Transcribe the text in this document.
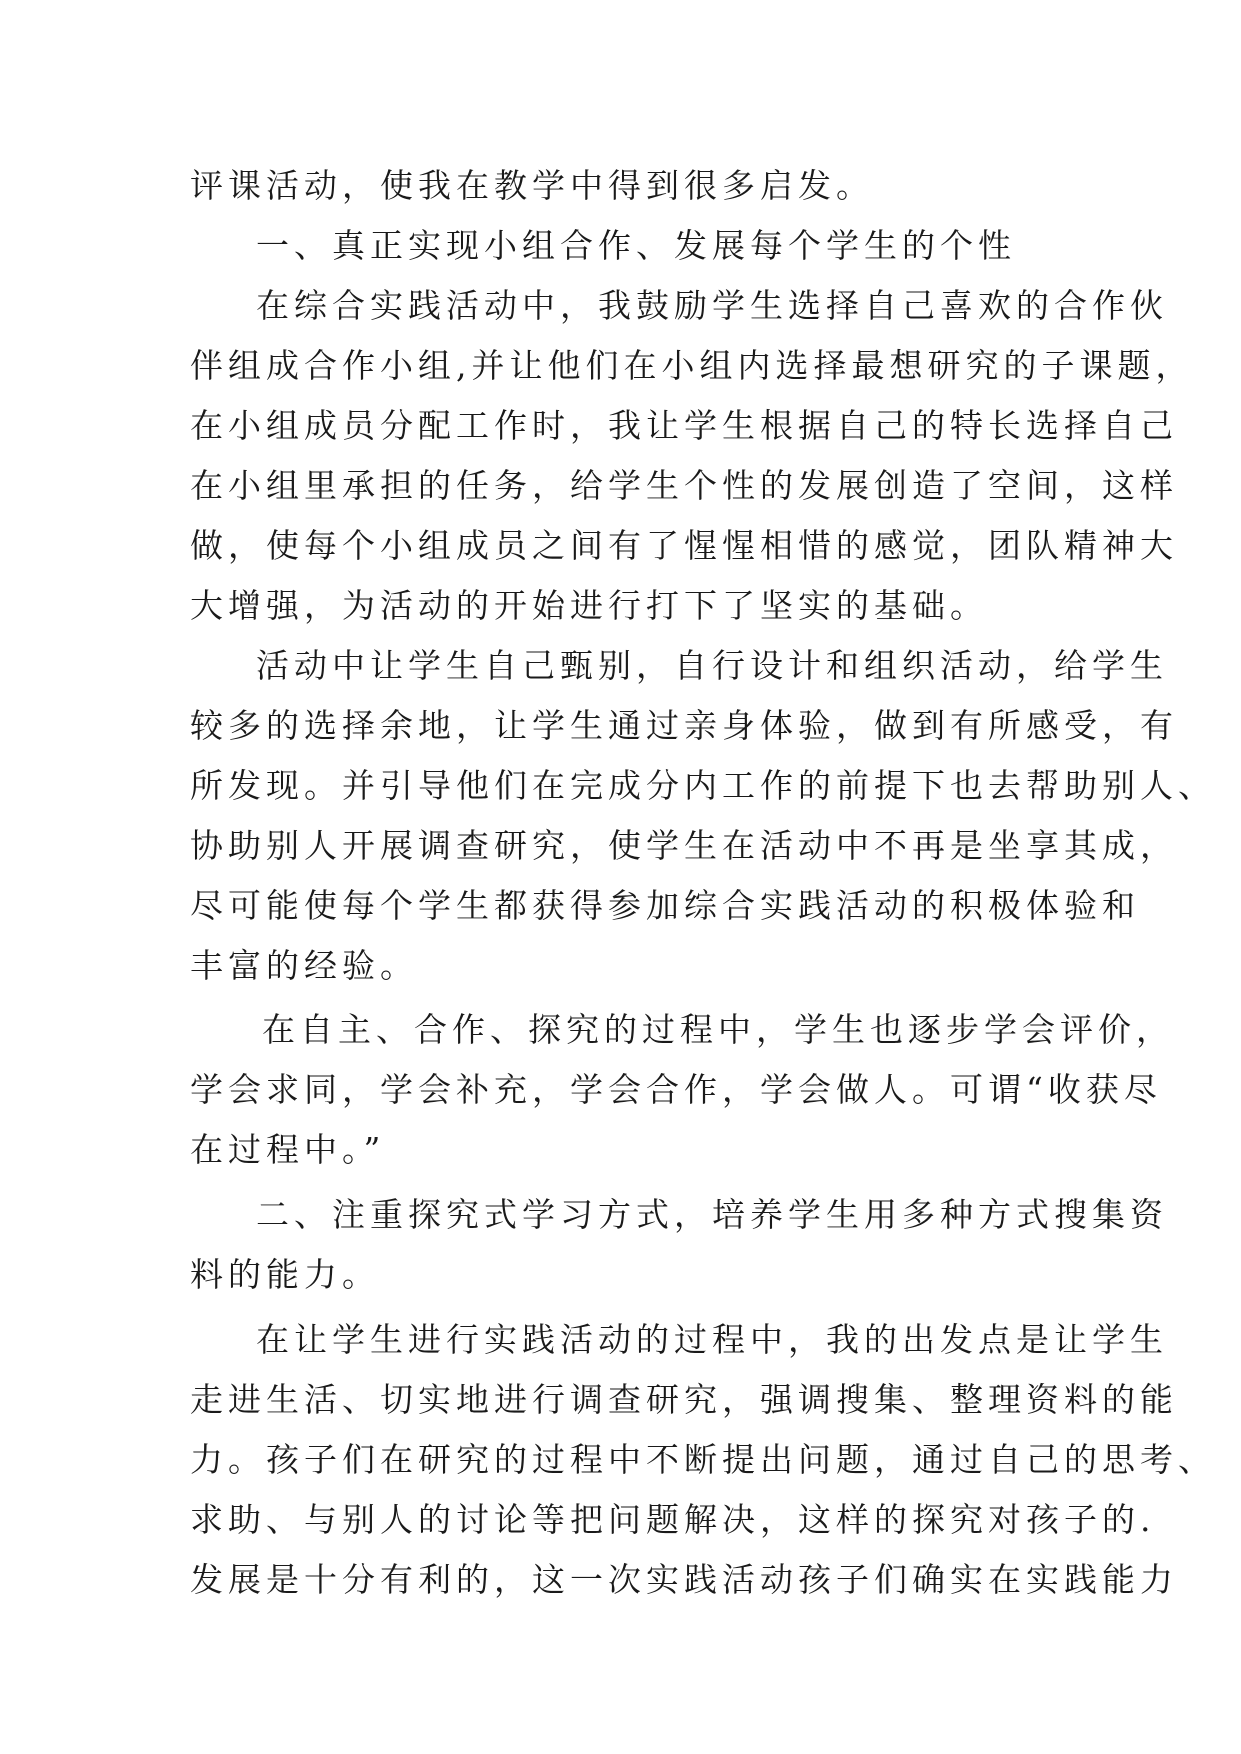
评课活动，使我在教学中得到很多启发。
一、真正实现小组合作、发展每个学生的个性
在综合实践活动中，我鼓励学生选择自己喜欢的合作伙
伴组成合作小组,并让他们在小组内选择最想研究的子课题，
在小组成员分配工作时，我让学生根据自己的特长选择自己
在小组里承担的任务，给学生个性的发展创造了空间，这样
做，使每个小组成员之间有了惺惺相惜的感觉，团队精神大
大增强，为活动的开始进行打下了坚实的基础。
活动中让学生自己甄别，自行设计和组织活动，给学生
较多的选择余地，让学生通过亲身体验，做到有所感受，有
所发现。并引导他们在完成分内工作的前提下也去帮助别人、
协助别人开展调查研究，使学生在活动中不再是坐享其成，
尽可能使每个学生都获得参加综合实践活动的积极体验和
丰富的经验。
在自主、合作、探究的过程中，学生也逐步学会评价，
学会求同，学会补充，学会合作，学会做人。可谓“收获尽
在过程中。”
二、注重探究式学习方式，培养学生用多种方式搜集资
料的能力。
在让学生进行实践活动的过程中，我的出发点是让学生
走进生活、切实地进行调查研究，强调搜集、整理资料的能
力。孩子们在研究的过程中不断提出问题，通过自己的思考、
求助、与别人的讨论等把问题解决，这样的探究对孩子的.
发展是十分有利的，这一次实践活动孩子们确实在实践能力
